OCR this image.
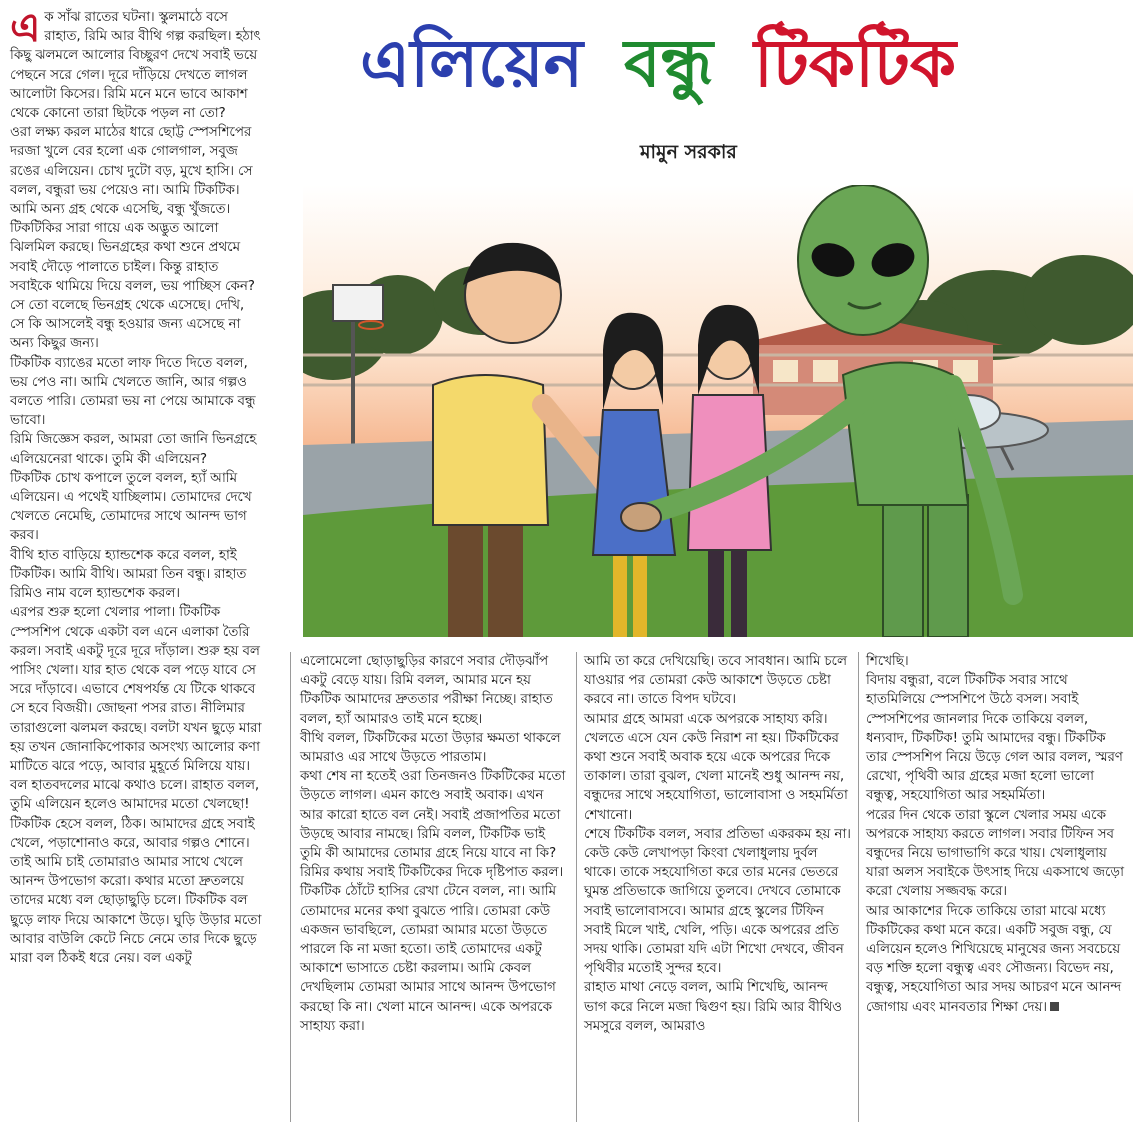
এলিয়েন বন্ধু টিকটিক
মামুন সরকার
এ ক সাঁঝ রাতের ঘটনা। স্কুলমাঠে বসে রাহাত, রিমি আর বীথি গল্প করছিল। হঠাৎ কিছু ঝলমলে আলোর বিচ্ছুরণ দেখে সবাই ভয়ে পেছনে সরে গেল। দূরে দাঁড়িয়ে দেখতে লাগল আলোটা কিসের। রিমি মনে মনে ভাবে আকাশ থেকে কোনো তারা ছিটকে পড়ল না তো?

ওরা লক্ষ্য করল মাঠের ধারে ছোট্ট স্পেসশিপের দরজা খুলে বের হলো এক গোলগাল, সবুজ রঙের এলিয়েন। চোখ দুটো বড়, মুখে হাসি। সে বলল, বন্ধুরা ভয় পেয়েও না। আমি টিকটিক। আমি অন্য গ্রহ থেকে এসেছি, বন্ধু খুঁজতে।

টিকটিকির সারা গায়ে এক অদ্ভুত আলো ঝিলমিল করছে। ভিনগ্রহের কথা শুনে প্রথমে সবাই দৌড়ে পালাতে চাইল। কিন্তু রাহাত সবাইকে থামিয়ে দিয়ে বলল, ভয় পাচ্ছিস কেন? সে তো বলেছে ভিনগ্রহ থেকে এসেছে। দেখি, সে কি আসলেই বন্ধু হওয়ার জন্য এসেছে না অন্য কিছুর জন্য।

টিকটিক ব্যাঙের মতো লাফ দিতে দিতে বলল, ভয় পেও না। আমি খেলতে জানি, আর গল্পও বলতে পারি। তোমরা ভয় না পেয়ে আমাকে বন্ধু ভাবো।

রিমি জিজ্ঞেস করল, আমরা তো জানি ভিনগ্রহে এলিয়েনেরা থাকে। তুমি কী এলিয়েন?

টিকটিক চোখ কপালে তুলে বলল, হ্যাঁ আমি এলিয়েন। এ পথেই যাচ্ছিলাম। তোমাদের দেখে খেলতে নেমেছি, তোমাদের সাথে আনন্দ ভাগ করব।

বীথি হাত বাড়িয়ে হ্যান্ডশেক করে বলল, হাই টিকটিক। আমি বীথি। আমরা তিন বন্ধু। রাহাত রিমিও নাম বলে হ্যান্ডশেক করল।

এরপর শুরু হলো খেলার পালা। টিকটিক স্পেসশিপ থেকে একটা বল এনে এলাকা তৈরি করল। সবাই একটু দূরে দূরে দাঁড়াল। শুরু হয় বল পাসিং খেলা। যার হাত থেকে বল পড়ে যাবে সে সরে দাঁড়াবে। এভাবে শেষপর্যন্ত যে টিকে থাকবে সে হবে বিজয়ী। জোছনা পসর রাত। নীলিমার তারাগুলো ঝলমল করছে। বলটা যখন ছুড়ে মারা হয় তখন জোনাকিপোকার অসংখ্য আলোর কণা মাটিতে ঝরে পড়ে, আবার মুহূর্তে মিলিয়ে যায়।

বল হাতবদলের মাঝে কথাও চলে। রাহাত বলল, তুমি এলিয়েন হলেও আমাদের মতো খেলছো!

টিকটিক হেসে বলল, ঠিক। আমাদের গ্রহে সবাই খেলে, পড়াশোনাও করে, আবার গল্পও শোনে। তাই আমি চাই তোমারাও আমার সাথে খেলে আনন্দ উপভোগ করো। কথার মতো দ্রুতলয়ে তাদের মধ্যে বল ছোড়াছুড়ি চলে। টিকটিক বল ছুড়ে লাফ দিয়ে আকাশে উড়ে। ঘুড়ি উড়ার মতো আবার বাউলি কেটে নিচে নেমে তার দিকে ছুড়ে মারা বল ঠিকই ধরে নেয়। বল একটু

এলোমেলো ছোড়াছুড়ির কারণে সবার দৌড়ঝাঁপ একটু বেড়ে যায়। রিমি বলল, আমার মনে হয় টিকটিক আমাদের দ্রুততার পরীক্ষা নিচ্ছে। রাহাত বলল, হ্যাঁ আমারও তাই মনে হচ্ছে।

বীথি বলল, টিকটিকের মতো উড়ার ক্ষমতা থাকলে আমরাও এর সাথে উড়তে পারতাম।

কথা শেষ না হতেই ওরা তিনজনও টিকটিকের মতো উড়তে লাগল। এমন কাণ্ডে সবাই অবাক। এখন আর কারো হাতে বল নেই। সবাই প্রজাপতির মতো উড়ছে আবার নামছে। রিমি বলল, টিকটিক ভাই তুমি কী আমাদের তোমার গ্রহে নিয়ে যাবে না কি? রিমির কথায় সবাই টিকটিকের দিকে দৃষ্টিপাত করল। টিকটিক ঠোঁটে হাসির রেখা টেনে বলল, না। আমি তোমাদের মনের কথা বুঝতে পারি। তোমরা কেউ একজন ভাবছিলে, তোমরা আমার মতো উড়তে পারলে কি না মজা হতো। তাই তোমাদের একটু আকাশে ভাসাতে চেষ্টা করলাম। আমি কেবল দেখছিলাম তোমরা আমার সাথে আনন্দ উপভোগ করছো কি না। খেলা মানে আনন্দ। একে অপরকে সাহায্য করা।

আমি তা করে দেখিয়েছি। তবে সাবধান। আমি চলে যাওয়ার পর তোমরা কেউ আকাশে উড়তে চেষ্টা করবে না। তাতে বিপদ ঘটবে।

আমার গ্রহে আমরা একে অপরকে সাহায্য করি। খেলতে এসে যেন কেউ নিরাশ না হয়। টিকটিকের কথা শুনে সবাই অবাক হয়ে একে অপরের দিকে তাকাল। তারা বুঝল, খেলা মানেই শুধু আনন্দ নয়, বন্ধুদের সাথে সহযোগিতা, ভালোবাসা ও সহমর্মিতা শেখানো।

শেষে টিকটিক বলল, সবার প্রতিভা একরকম হয় না। কেউ কেউ লেখাপড়া কিংবা খেলাধুলায় দুর্বল থাকে। তাকে সহযোগিতা করে তার মনের ভেতরে ঘুমন্ত প্রতিভাকে জাগিয়ে তুলবে। দেখবে তোমাকে সবাই ভালোবাসবে। আমার গ্রহে স্কুলের টিফিন সবাই মিলে খাই, খেলি, পড়ি। একে অপরের প্রতি সদয় থাকি। তোমরা যদি এটা শিখো দেখবে, জীবন পৃথিবীর মতোই সুন্দর হবে।

রাহাত মাথা নেড়ে বলল, আমি শিখেছি, আনন্দ ভাগ করে নিলে মজা দ্বিগুণ হয়। রিমি আর বীথিও সমসুরে বলল, আমরাও

শিখেছি।

বিদায় বন্ধুরা, বলে টিকটিক সবার সাথে হাতমিলিয়ে স্পেসশিপে উঠে বসল। সবাই স্পেসশিপের জানলার দিকে তাকিয়ে বলল,

ধন্যবাদ, টিকটিক! তুমি আমাদের বন্ধু। টিকটিক তার স্পেসশিপ নিয়ে উড়ে গেল আর বলল, স্মরণ রেখো, পৃথিবী আর গ্রহের মজা হলো ভালো বন্ধুত্ব, সহযোগিতা আর সহমর্মিতা।

পরের দিন থেকে তারা স্কুলে খেলার সময় একে অপরকে সাহায্য করতে লাগল। সবার টিফিন সব বন্ধুদের নিয়ে ভাগাভাগি করে খায়। খেলাধুলায় যারা অলস সবাইকে উৎসাহ দিয়ে একসাথে জড়ো করো খেলায় সজ্জবদ্ধ করে।

আর আকাশের দিকে তাকিয়ে তারা মাঝে মধ্যে টিকটিকের কথা মনে করে। একটি সবুজ বন্ধু, যে এলিয়েন হলেও শিখিয়েছে মানুষের জন্য সবচেয়ে বড় শক্তি হলো বন্ধুত্ব এবং সৌজন্য। বিভেদ নয়, বন্ধুত্ব, সহযোগিতা আর সদয় আচরণ মনে আনন্দ জোগায় এবং মানবতার শিক্ষা দেয়।
